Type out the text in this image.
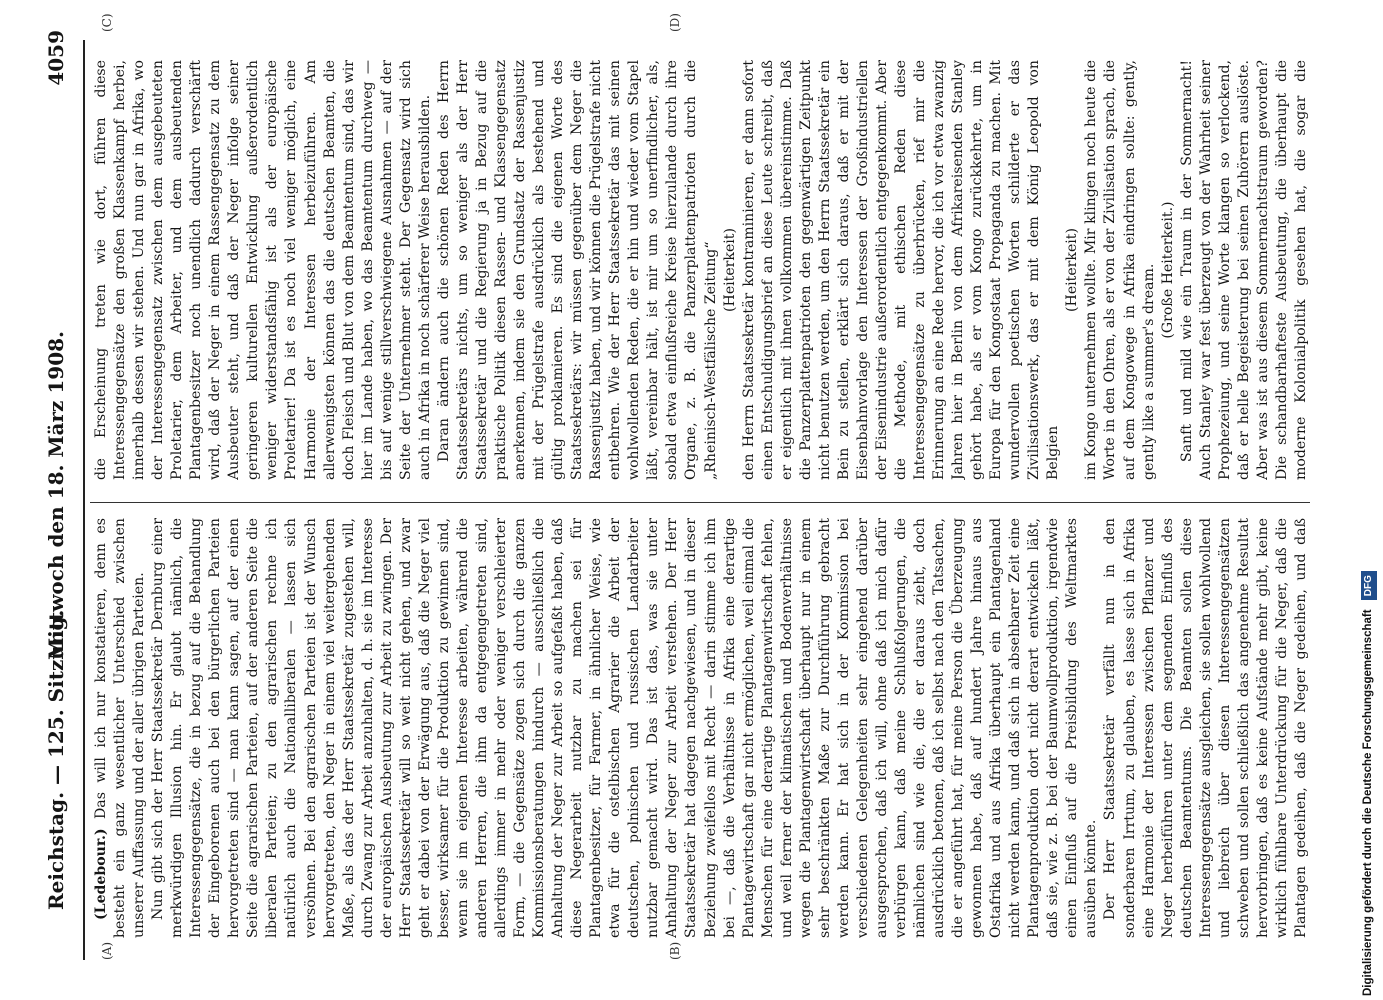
Reichstag. — 125. Sitzung.
Mittwoch den 18. März 1908.
4059
(A)	(B)
(C)	(D)

(Ledebour.) Das will ich nur konstatieren, denn es besteht ein ganz wesentlicher Unterschied zwischen unserer Auffassung und der aller übrigen Parteien. Nun gibt sich der Herr Staatssekretär Dernburg einer merkwürdigen Illusion hin. Er glaubt nämlich, die Interessengegensätze, die in bezug auf die Behandlung der Eingeborenen auch bei den bürgerlichen Parteien hervorgetreten sind — man kann sagen, auf der einen Seite die agrarischen Parteien, auf der anderen Seite die liberalen Parteien; zu den agrarischen rechne ich natürlich auch die Nationalliberalen — lassen sich versöhnen. Bei den agrarischen Parteien ist der Wunsch hervorgetreten, den Neger in einem viel weitergehenden Maße, als das der Herr Staatssekretär zugestehen will, durch Zwang zur Arbeit anzuhalten, d. h. sie im Interesse der europäischen Ausbeutung zur Arbeit zu zwingen. Der Herr Staatssekretär will so weit nicht gehen, und zwar geht er dabei von der Erwägung aus, daß die Neger viel besser, wirksamer für die Produktion zu gewinnen sind, wenn sie im eigenen Interesse arbeiten, während die anderen Herren, die ihm da entgegengetreten sind, allerdings immer in mehr oder weniger verschleierter Form, — die Gegensätze zogen sich durch die ganzen Kommissionsberatungen hindurch — ausschließlich die Anhaltung der Neger zur Arbeit so aufgefaßt haben, daß diese Negerarbeit nutzbar zu machen sei für Plantagenbesitzer, für Farmer, in ähnlicher Weise, wie etwa für die ostelbischen Agrarier die Arbeit der deutschen, polnischen und russischen Landarbeiter nutzbar gemacht wird. Das ist das, was sie unter Anhaltung der Neger zur Arbeit verstehen. Der Herr Staatssekretär hat dagegen nachgewiesen, und in dieser Beziehung zweifellos mit Recht — darin stimme ich ihm bei —, daß die Verhältnisse in Afrika eine derartige Plantagewirtschaft gar nicht ermöglichen, weil einmal die Menschen für eine derartige Plantagenwirtschaft fehlen, und weil ferner der klimatischen und Bodenverhältnisse wegen die Plantagenwirtschaft überhaupt nur in einem sehr beschränkten Maße zur Durchführung gebracht werden kann. Er hat sich in der Kommission bei verschiedenen Gelegenheiten sehr eingehend darüber ausgesprochen, daß ich will, ohne daß ich mich dafür verbürgen kann, daß meine Schlußfolgerungen, die nämlichen sind wie die, die er daraus zieht, doch ausdrücklich betonen, daß ich selbst nach den Tatsachen, die er angeführt hat, für meine Person die Überzeugung gewonnen habe, daß auf hundert Jahre hinaus aus Ostafrika und aus Afrika überhaupt ein Plantagenland nicht werden kann, und daß sich in absehbarer Zeit eine Plantagenproduktion dort nicht derart entwickeln läßt, daß sie, wie z. B. bei der Baumwollproduktion, irgendwie einen Einfluß auf die Preisbildung des Weltmarktes ausüben könnte. Der Herr Staatssekretär verfällt nun in den sonderbaren Irrtum, zu glauben, es lasse sich in Afrika eine Harmonie der Interessen zwischen Pflanzer und Neger herbeiführen unter dem segnenden Einfluß des deutschen Beamtentums. Die Beamten sollen diese Interessengegensätze ausgleichen, sie sollen wohlwollend und liebreich über diesen Interessengegensätzen schweben und sollen schließlich das angenehme Resultat hervorbringen, daß es keine Aufstände mehr gibt, keine wirklich fühlbare Unterdrückung für die Neger, daß die Plantagen gedeihen, daß die Neger gedeihen, und daß

die Erscheinung treten wie dort, führen diese Interessengegensätze den großen Klassenkampf herbei, innerhalb dessen wir stehen. Und nun gar in Afrika, wo der Interessengegensatz zwischen dem ausgebeuteten Proletarier, dem Arbeiter, und dem ausbeutenden Plantagenbesitzer noch unendlich dadurch verschärft wird, daß der Neger in einem Rassengegensatz zu dem Ausbeuter steht, und daß der Neger infolge seiner geringeren kulturellen Entwicklung außerordentlich weniger widerstandsfähig ist als der europäische Proletarier! Da ist es noch viel weniger möglich, eine Harmonie der Interessen herbeizuführen. Am allerwenigsten können das die deutschen Beamten, die doch Fleisch und Blut von dem Beamtentum sind, das wir hier im Lande haben, wo das Beamtentum durchweg — bis auf wenige stillverschwiegene Ausnahmen — auf der Seite der Unternehmer steht. Der Gegensatz wird sich auch in Afrika in noch schärferer Weise herausbilden. Daran ändern auch die schönen Reden des Herrn Staatssekretärs nichts, um so weniger als der Herr Staatssekretär und die Regierung ja in Bezug auf die praktische Politik diesen Rassen- und Klassengegensatz anerkennen, indem sie den Grundsatz der Rassenjustiz mit der Prügelstrafe ausdrücklich als bestehend und gültig proklamieren. Es sind die eigenen Worte des Staatssekretärs: wir müssen gegenüber dem Neger die Rassenjustiz haben, und wir können die Prügelstrafe nicht entbehren. Wie der Herr Staatssekretär das mit seinen wohlwollenden Reden, die er hin und wieder vom Stapel läßt, vereinbar hält, ist mir um so unerfindlicher, als, sobald etwa einflußreiche Kreise hierzulande durch ihre Organe, z. B. die Panzerplattenpatrioten durch die „Rheinisch-Westfälische Zeitung“ (Heiterkeit) den Herrn Staatssekretär kontraminieren, er dann sofort einen Entschuldigungsbrief an diese Leute schreibt, daß er eigentlich mit ihnen vollkommen übereinstimme. Daß die Panzerplattenpatrioten den gegenwärtigen Zeitpunkt nicht benutzen werden, um den Herrn Staatssekretär ein Bein zu stellen, erklärt sich daraus, daß er mit der Eisenbahnvorlage den Interessen der Großindustriellen der Eisenindustrie außerordentlich entgegenkommt. Aber die Methode, mit ethischen Reden diese Interessengegensätze zu überbrücken, rief mir die Erinnerung an eine Rede hervor, die ich vor etwa zwanzig Jahren hier in Berlin von dem Afrikareisenden Stanley gehört habe, als er vom Kongo zurückkehrte, um in Europa für den Kongostaat Propaganda zu machen. Mit wundervollen poetischen Worten schilderte er das Zivilisationswerk, das er mit dem König Leopold von Belgien

(Heiterkeit) im Kongo unternehmen wollte. Mir klingen noch heute die Worte in den Ohren, als er von der Zivilisation sprach, die auf dem Kongowege in Afrika eindringen sollte: gently, gently like a summer's dream. (Große Heiterkeit.)

Sanft und mild wie ein Traum in der Sommernacht! Auch Stanley war fest überzeugt von der Wahrheit seiner Prophezeiung, und seine Worte klangen so verlockend, daß er helle Begeisterung bei seinen Zuhörern auslöste. Aber was ist aus diesem Sommernachtstraum geworden? Die schandbarhafteste Ausbeutung, die überhaupt die moderne Kolonialpolitik gesehen hat, die sogar die

Digitalisierung gefördert durch die Deutsche Forschungsgemeinschaft DFG
